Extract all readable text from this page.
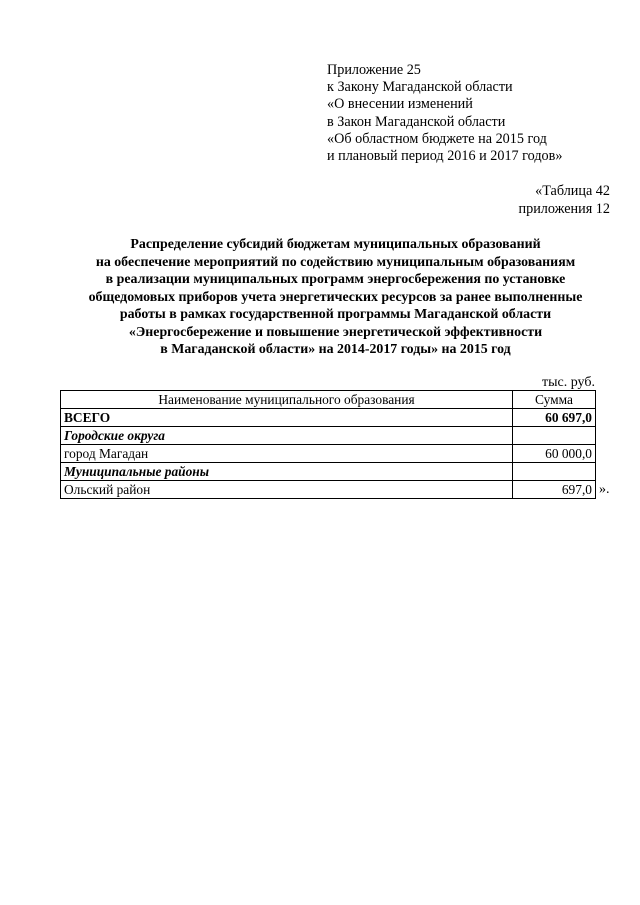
Приложение 25
к Закону Магаданской области
«О внесении изменений
в Закон Магаданской области
«Об областном бюджете на 2015 год
и плановый период 2016 и 2017 годов»
«Таблица 42
приложения 12
Распределение субсидий бюджетам муниципальных образований
на обеспечение мероприятий по содействию муниципальным образованиям
в реализации муниципальных программ энергосбережения по установке
общедомовых приборов учета энергетических ресурсов за ранее выполненные
работы в рамках государственной программы Магаданской области
«Энергосбережение и повышение энергетической эффективности
в Магаданской области» на 2014-2017 годы» на 2015 год
тыс. руб.
Наименование муниципального образования	Сумма
ВСЕГО	60 697,0
Городские округа	
город Магадан	60 000,0
Муниципальные районы	
Ольский район	697,0 ».
